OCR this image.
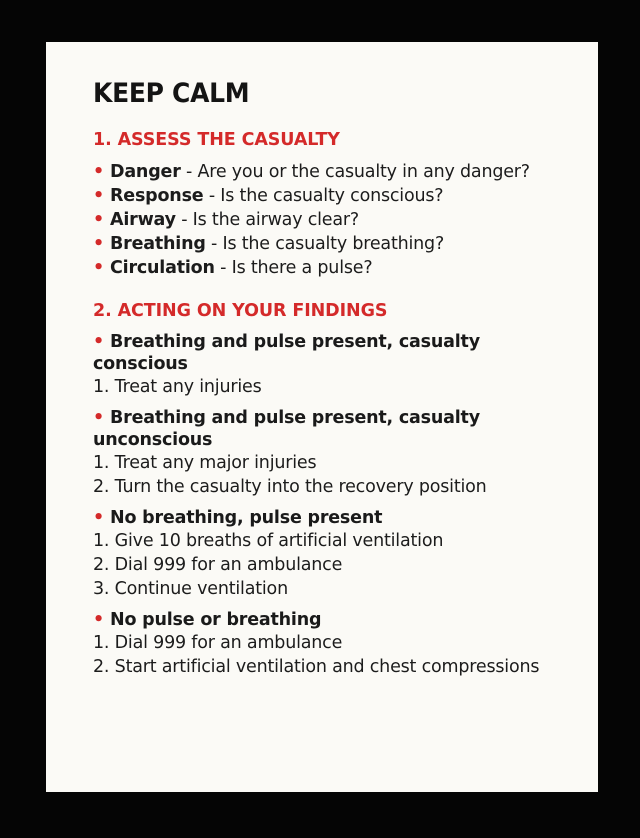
KEEP CALM
1. ASSESS THE CASUALTY
• Danger - Are you or the casualty in any danger?
• Response - Is the casualty conscious?
• Airway - Is the airway clear?
• Breathing - Is the casualty breathing?
• Circulation - Is there a pulse?
2. ACTING ON YOUR FINDINGS

• Breathing and pulse present, casualty conscious

1. Treat any injuries

• Breathing and pulse present, casualty unconscious

1. Treat any major injuries

2. Turn the casualty into the recovery position

• No breathing, pulse present

1. Give 10 breaths of artificial ventilation

2. Dial 999 for an ambulance

3. Continue ventilation

• No pulse or breathing

1. Dial 999 for an ambulance

2. Start artificial ventilation and chest compressions
